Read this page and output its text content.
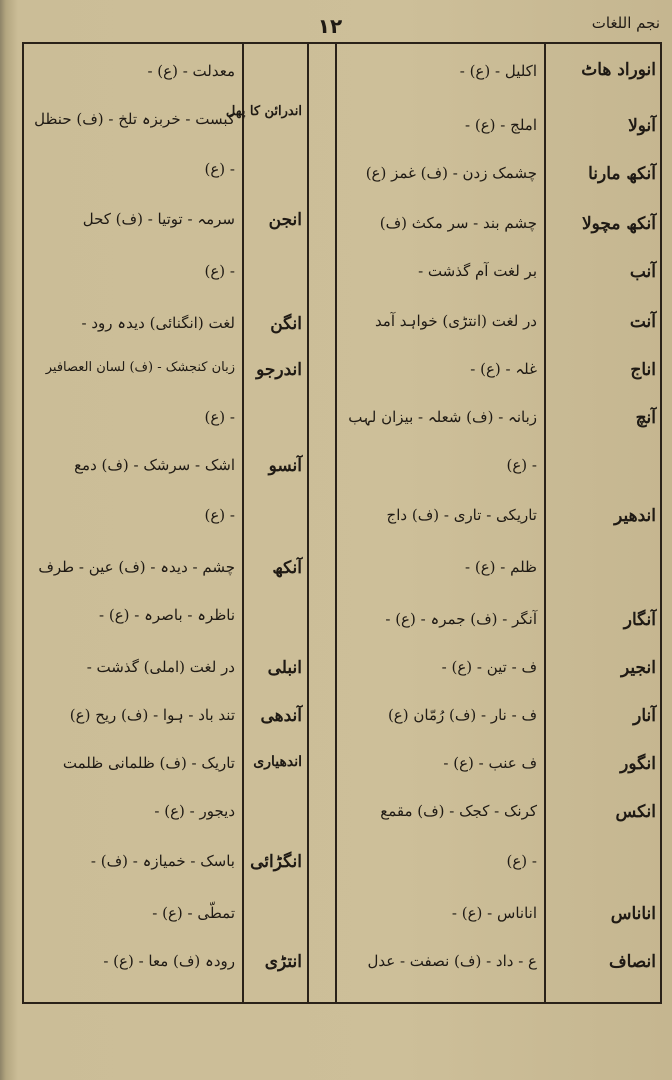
نجم اللغات
۱۲
انوراد ھاٹ
آنولا
آنکھ مارنا
آنکھ مچولا
آنب
آنت
اناج
آنچ
اندھیر
آنگار
انجیر
آنار
انگور
انکس
اناناس
انصاف
اکلیل - (ع) -
املج - (ع) -
چشمک زدن - (ف) غمز (ع)
چشم بند - سر مکث (ف)
بر لغت آم گذشت -
در لغت (انتڑی) خواہد آمد
غلہ - (ع) -
زبانہ - (ف) شعلہ - بیزان لہب
- (ع)
تاریکی - تاری - (ف) داج
ظلم - (ع) -
آنگر - (ف) جمرہ - (ع) -
ف - تین - (ع) -
ف - نار - (ف) رُمّان (ع)
ف عنب - (ع) -
کرنک - کجک - (ف) مقمع
- (ع)
اناناس - (ع) -
ع - داد - (ف) نصفت - عدل
اندرائن کا پھل
انجن
انگن
اندرجو
آنسو
آنکھ
انبلی
آندھی
اندھیاری
انگڑائی
انتڑی
معدلت - (ع) -
کبست - خربزہ تلخ - (ف) حنظل
- (ع)
سرمہ - توتیا - (ف) کحل
- (ع)
لغت (انگنائی) دیدہ رود -
زبان کنجشک - (ف) لسان العصافیر
- (ع)
اشک - سرشک - (ف) دمع
- (ع)
چشم - دیدہ - (ف) عین - طرف
ناظرہ - باصرہ - (ع) -
در لغت (املی) گذشت -
تند باد - ہوا - (ف) ریح (ع)
تاریک - (ف) ظلمانی ظلمت
دیجور - (ع) -
باسک - خمیازہ - (ف) -
تمطّی - (ع) -
رودہ (ف) معا - (ع) -
